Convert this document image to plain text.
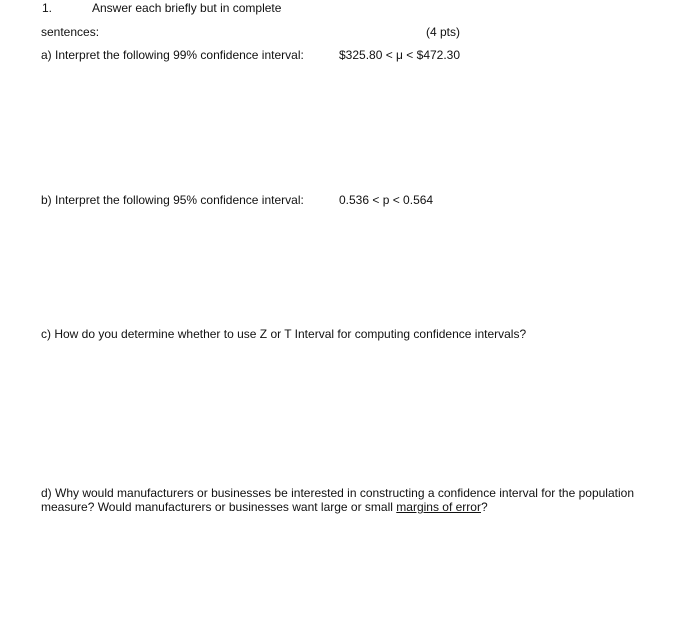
1.	Answer each briefly but in complete
sentences:	(4 pts)
a) Interpret the following 99% confidence interval:	$325.80 < μ < $472.30
b) Interpret the following 95% confidence interval:	0.536 < p < 0.564
c) How do you determine whether to use Z or T Interval for computing confidence intervals?
d) Why would manufacturers or businesses be interested in constructing a confidence interval for the population measure? Would manufacturers or businesses want large or small margins of error?
